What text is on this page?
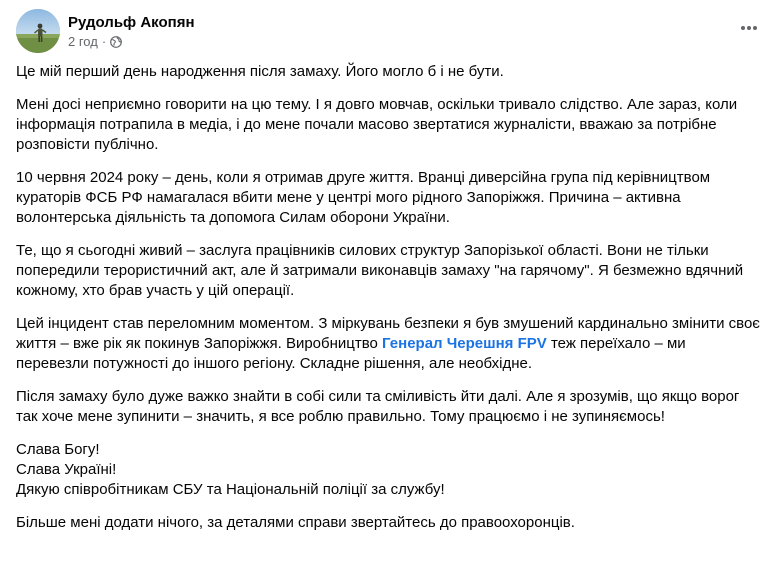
Рудольф Акопян
2 год ·

Це мій перший день народження після замаху. Його могло б і не бути.

Мені досі неприємно говорити на цю тему. І я довго мовчав, оскільки тривало слідство. Але зараз, коли інформація потрапила в медіа, і до мене почали масово звертатися журналісти, вважаю за потрібне розповісти публічно.

10 червня 2024 року – день, коли я отримав друге життя. Вранці диверсійна група під керівництвом кураторів ФСБ РФ намагалася вбити мене у центрі мого рідного Запоріжжя. Причина – активна волонтерська діяльність та допомога Силам оборони України.

Те, що я сьогодні живий – заслуга працівників силових структур Запорізької області. Вони не тільки попередили терористичний акт, але й затримали виконавців замаху "на гарячому". Я безмежно вдячний кожному, хто брав участь у цій операції.

Цей інцидент став переломним моментом. З міркувань безпеки я був змушений кардинально змінити своє життя – вже рік як покинув Запоріжжя. Виробництво Генерал Черешня FPV теж переїхало – ми перевезли потужності до іншого регіону. Складне рішення, але необхідне.

Після замаху було дуже важко знайти в собі сили та сміливість йти далі. Але я зрозумів, що якщо ворог так хоче мене зупинити – значить, я все роблю правильно. Тому працюємо і не зупиняємось!

Слава Богу!
Слава Україні!
Дякую співробітникам СБУ та Національній поліції за службу!

Більше мені додати нічого, за деталями справи звертайтесь до правоохоронців.
